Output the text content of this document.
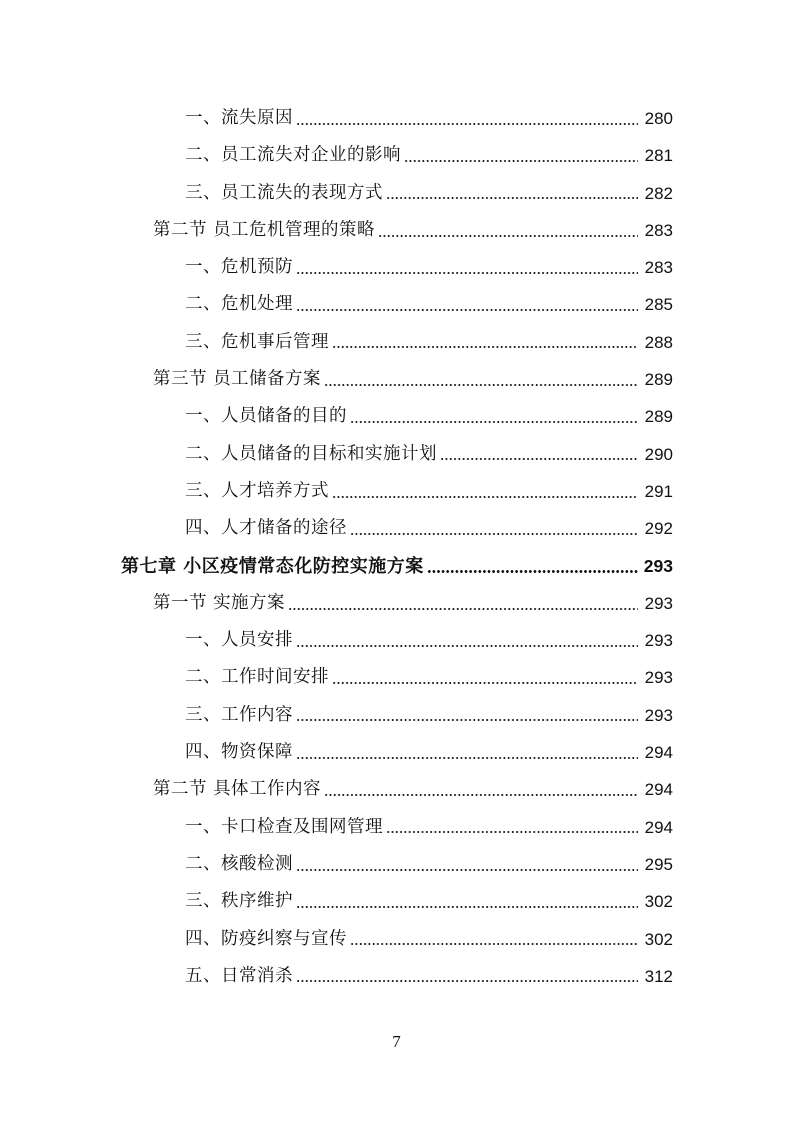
一、流失原因	280
二、员工流失对企业的影响	281
三、员工流失的表现方式	282
第二节 员工危机管理的策略	283
一、危机预防	283
二、危机处理	285
三、危机事后管理	288
第三节 员工储备方案	289
一、人员储备的目的	289
二、人员储备的目标和实施计划	290
三、人才培养方式	291
四、人才储备的途径	292
第七章 小区疫情常态化防控实施方案	293
第一节 实施方案	293
一、人员安排	293
二、工作时间安排	293
三、工作内容	293
四、物资保障	294
第二节 具体工作内容	294
一、卡口检查及围网管理	294
二、核酸检测	295
三、秩序维护	302
四、防疫纠察与宣传	302
五、日常消杀	312
7
